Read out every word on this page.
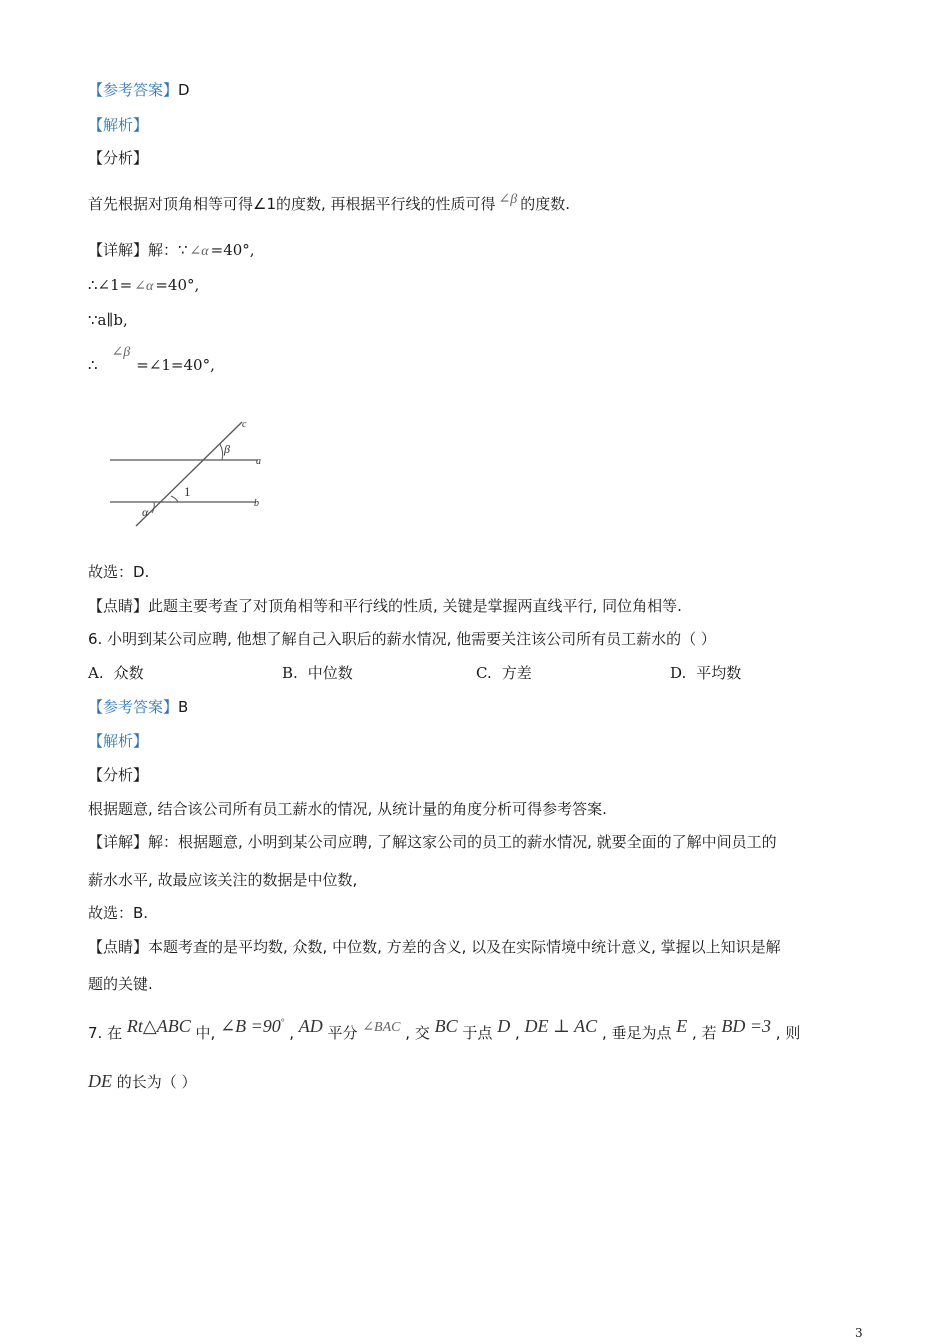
【参考答案】D
【解析】
【分析】
首先根据对顶角相等可得∠1的度数, 再根据平行线的性质可得 ∠β 的度数.
【详解】解：∵ ∠α =40°,
∴∠1= ∠α =40°,
∵a∥b,
∴∠β=∠1=40°,
c
β
a
1
b
α
故选：D.
【点睛】此题主要考查了对顶角相等和平行线的性质, 关键是掌握两直线平行, 同位角相等.
6. 小明到某公司应聘, 他想了解自己入职后的薪水情况, 他需要关注该公司所有员工薪水的（ ）
A. 众数	B. 中位数	C. 方差	D. 平均数
【参考答案】B
【解析】
【分析】
根据题意, 结合该公司所有员工薪水的情况, 从统计量的角度分析可得参考答案.
【详解】解：根据题意, 小明到某公司应聘, 了解这家公司的员工的薪水情况, 就要全面的了解中间员工的
薪水水平, 故最应该关注的数据是中位数,
故选：B.
【点睛】本题考查的是平均数, 众数, 中位数, 方差的含义, 以及在实际情境中统计意义, 掌握以上知识是解
题的关键.
7. 在 Rt△ABC 中, ∠B =90° , AD 平分 ∠BAC , 交 BC 于点 D , DE ⊥ AC , 垂足为点 E , 若 BD =3 , 则
DE 的长为（ ）
3
